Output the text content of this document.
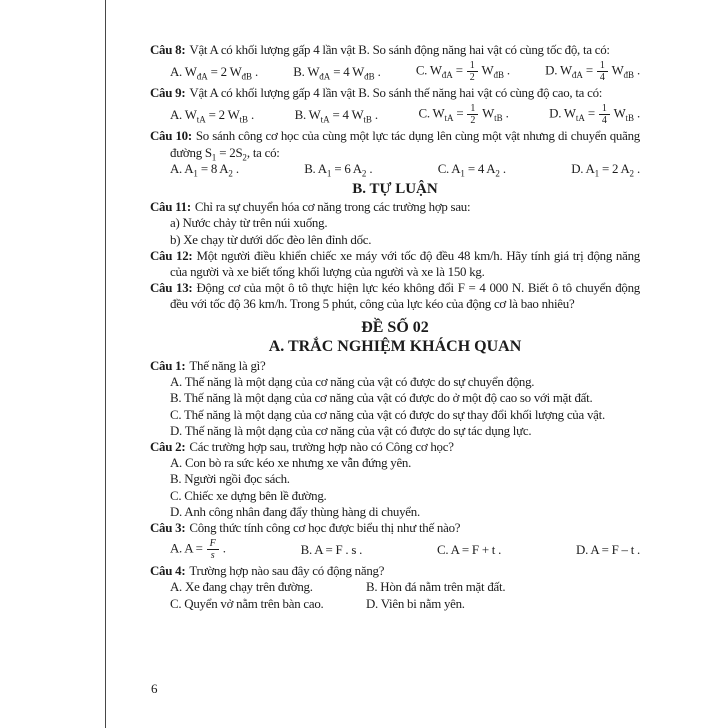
Câu 8: Vật A có khối lượng gấp 4 lần vật B. So sánh động năng hai vật có cùng tốc độ, ta có:

A. $W_{đA} = 2$ $W_{đB}$ .	B. $W_{đA} = 4$ $W_{đB}$ .	C. $W_{đA} = \frac{1}{2} W_{đB}$ .	D. $W_{đA} = \frac{1}{4} W_{đB}$ .

Câu 9: Vật A có khối lượng gấp 4 lần vật B. So sánh thế năng hai vật có cùng độ cao, ta có:

A. $W_{tA} = 2$ $W_{tB}$ .	B. $W_{tA} = 4$ $W_{tB}$ .	C. $W_{tA} = \frac{1}{2} W_{tB}$ .	D. $W_{tA} = \frac{1}{4} W_{tB}$ .

Câu 10: So sánh công cơ học của cùng một lực tác dụng lên cùng một vật nhưng di chuyển quãng đường $S_1 = 2S_2$, ta có:

A. $A_1 = 8$ $A_2$ .	B. $A_1 = 6$ $A_2$ .	C. $A_1 = 4$ $A_2$ .	D. $A_1 = 2$ $A_2$ .
B. TỰ LUẬN

Câu 11: Chỉ ra sự chuyển hóa cơ năng trong các trường hợp sau:

a) Nước chảy từ trên núi xuống.
b) Xe chạy từ dưới dốc đèo lên đỉnh dốc.

Câu 12: Một người điều khiển chiếc xe máy với tốc độ đều 48 km/h. Hãy tính giá trị động năng của người và xe biết tổng khối lượng của người và xe là 150 kg.

Câu 13: Động cơ của một ô tô thực hiện lực kéo không đổi F = 4 000 N. Biết ô tô chuyển động đều với tốc độ 36 km/h. Trong 5 phút, công của lực kéo của động cơ là bao nhiêu?

ĐỀ SỐ 02
A. TRẮC NGHIỆM KHÁCH QUAN

Câu 1: Thế năng là gì?

A. Thế năng là một dạng của cơ năng của vật có được do sự chuyển động.
B. Thế năng là một dạng của cơ năng của vật có được do ở một độ cao so với mặt đất.
C. Thế năng là một dạng của cơ năng của vật có được do sự thay đổi khối lượng của vật.
D. Thế năng là một dạng của cơ năng của vật có được do sự tác dụng lực.

Câu 2: Các trường hợp sau, trường hợp nào có Công cơ học?

A. Con bò ra sức kéo xe nhưng xe vẫn đứng yên.
B. Người ngồi đọc sách.
C. Chiếc xe dựng bên lề đường.
D. Anh công nhân đang đẩy thùng hàng di chuyển.

Câu 3: Công thức tính công cơ học được biểu thị như thế nào?

A. $A = \frac{F}{s}$ .	B. A = F . s .	C. A = F + t .	D. A = F – t .

Câu 4: Trường hợp nào sau đây có động năng?

A. Xe đang chạy trên đường.	B. Hòn đá nằm trên mặt đất.
C. Quyển vở nằm trên bàn cao.	D. Viên bi nằm yên.
6
